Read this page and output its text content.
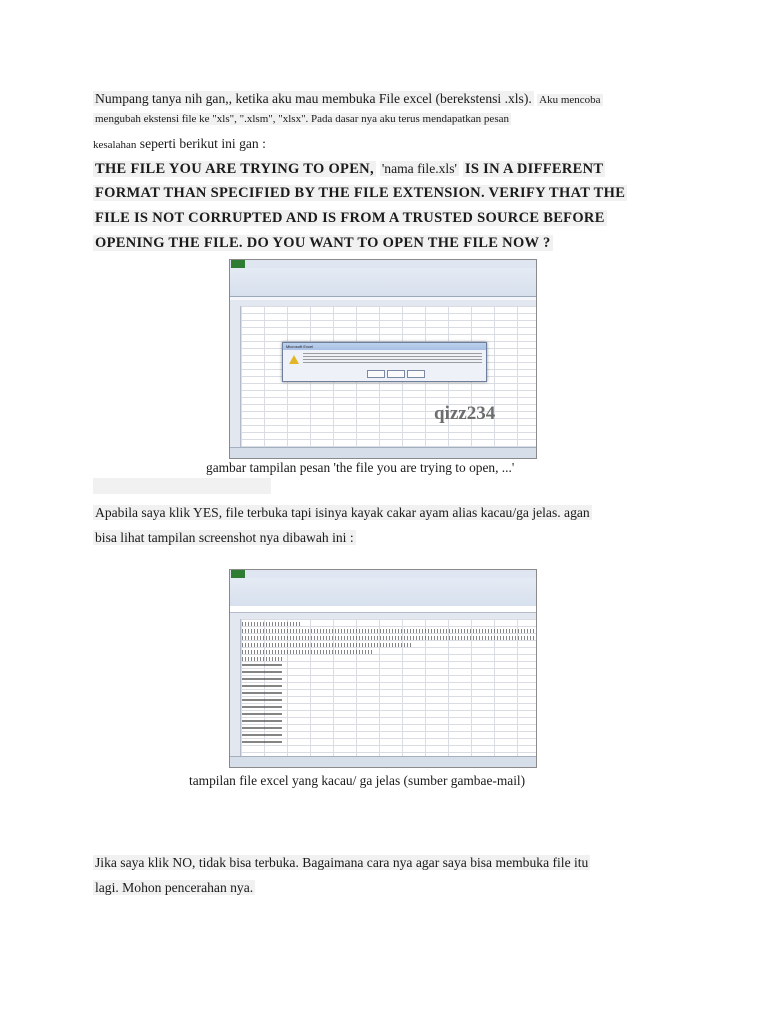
Numpang tanya nih gan,, ketika aku mau membuka File excel (berekstensi .xls). Aku mencoba
mengubah ekstensi file ke "xls", ".xlsm", "xlsx". Pada dasar nya aku terus mendapatkan pesan
kesalahan seperti berikut ini gan :
THE FILE YOU ARE TRYING TO OPEN, 'nama file.xls' IS IN A DIFFERENT
FORMAT THAN SPECIFIED BY THE FILE EXTENSION. VERIFY THAT THE
FILE IS NOT CORRUPTED AND IS FROM A TRUSTED SOURCE BEFORE
OPENING THE FILE. DO YOU WANT TO OPEN THE FILE NOW ?
Microsoft Excel
qizz234
gambar tampilan pesan 'the file you are trying to open, ...'
Apabila saya klik YES, file terbuka tapi isinya kayak cakar ayam alias kacau/ga jelas. agan
bisa lihat tampilan screenshot nya dibawah ini :
tampilan file excel yang kacau/ ga jelas (sumber gambae-mail)
Jika saya klik NO, tidak bisa terbuka. Bagaimana cara nya agar saya bisa membuka file itu
lagi. Mohon pencerahan nya.
